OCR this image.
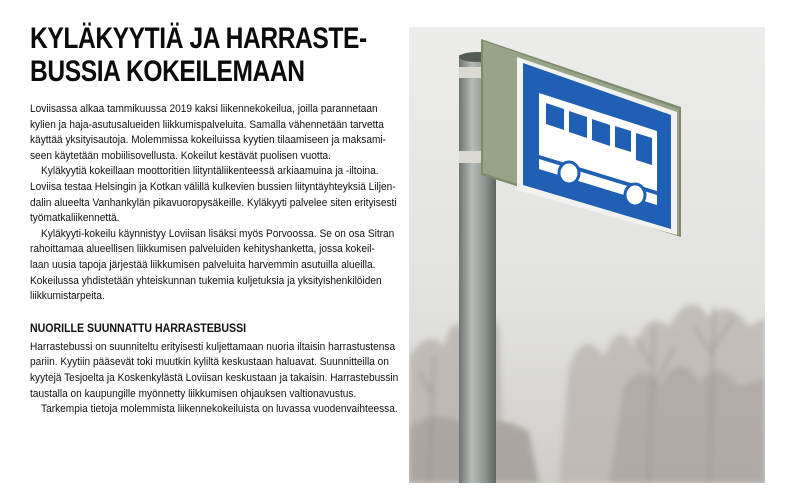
KYLÄKYYTIÄ JA HARRASTE-
BUSSIA KOKEILEMAAN

Loviisassa alkaa tammikuussa 2019 kaksi liikennekokeilua, joilla parannetaan
kylien ja haja-asutusalueiden liikkumispalveluita. Samalla vähennetään tarvetta
käyttää yksityisautoja. Molemmissa kokeiluissa kyytien tilaamiseen ja maksami-
seen käytetään mobiilisovellusta. Kokeilut kestävät puolisen vuotta.

Kyläkyytiä kokeillaan moottoritien liityntäliikenteessä arkiaamuina ja -iltoina.
Loviisa testaa Helsingin ja Kotkan välillä kulkevien bussien liityntäyhteyksiä Liljen-
dalin alueelta Vanhankylän pikavuoropysäkeille. Kyläkyyti palvelee siten erityisesti
työmatkaliikennettä.

Kyläkyyti-kokeilu käynnistyy Loviisan lisäksi myös Porvoossa. Se on osa Sitran
rahoittamaa alueellisen liikkumisen palveluiden kehityshanketta, jossa kokeil-
laan uusia tapoja järjestää liikkumisen palveluita harvemmin asutuilla alueilla.
Kokeilussa yhdistetään yhteiskunnan tukemia kuljetuksia ja yksityishenkilöiden
liikkumistarpeita.

NUORILLE SUUNNATTU HARRASTEBUSSI

Harrastebussi on suunniteltu erityisesti kuljettamaan nuoria iltaisin harrastustensa
pariin. Kyytiin pääsevät toki muutkin kyliltä keskustaan haluavat. Suunnitteilla on
kyytejä Tesjoelta ja Koskenkylästä Loviisan keskustaan ja takaisin. Harrastebussin
taustalla on kaupungille myönnetty liikkumisen ohjauksen valtionavustus.

Tarkempia tietoja molemmista liikennekokeiluista on luvassa vuodenvaihteessa.
